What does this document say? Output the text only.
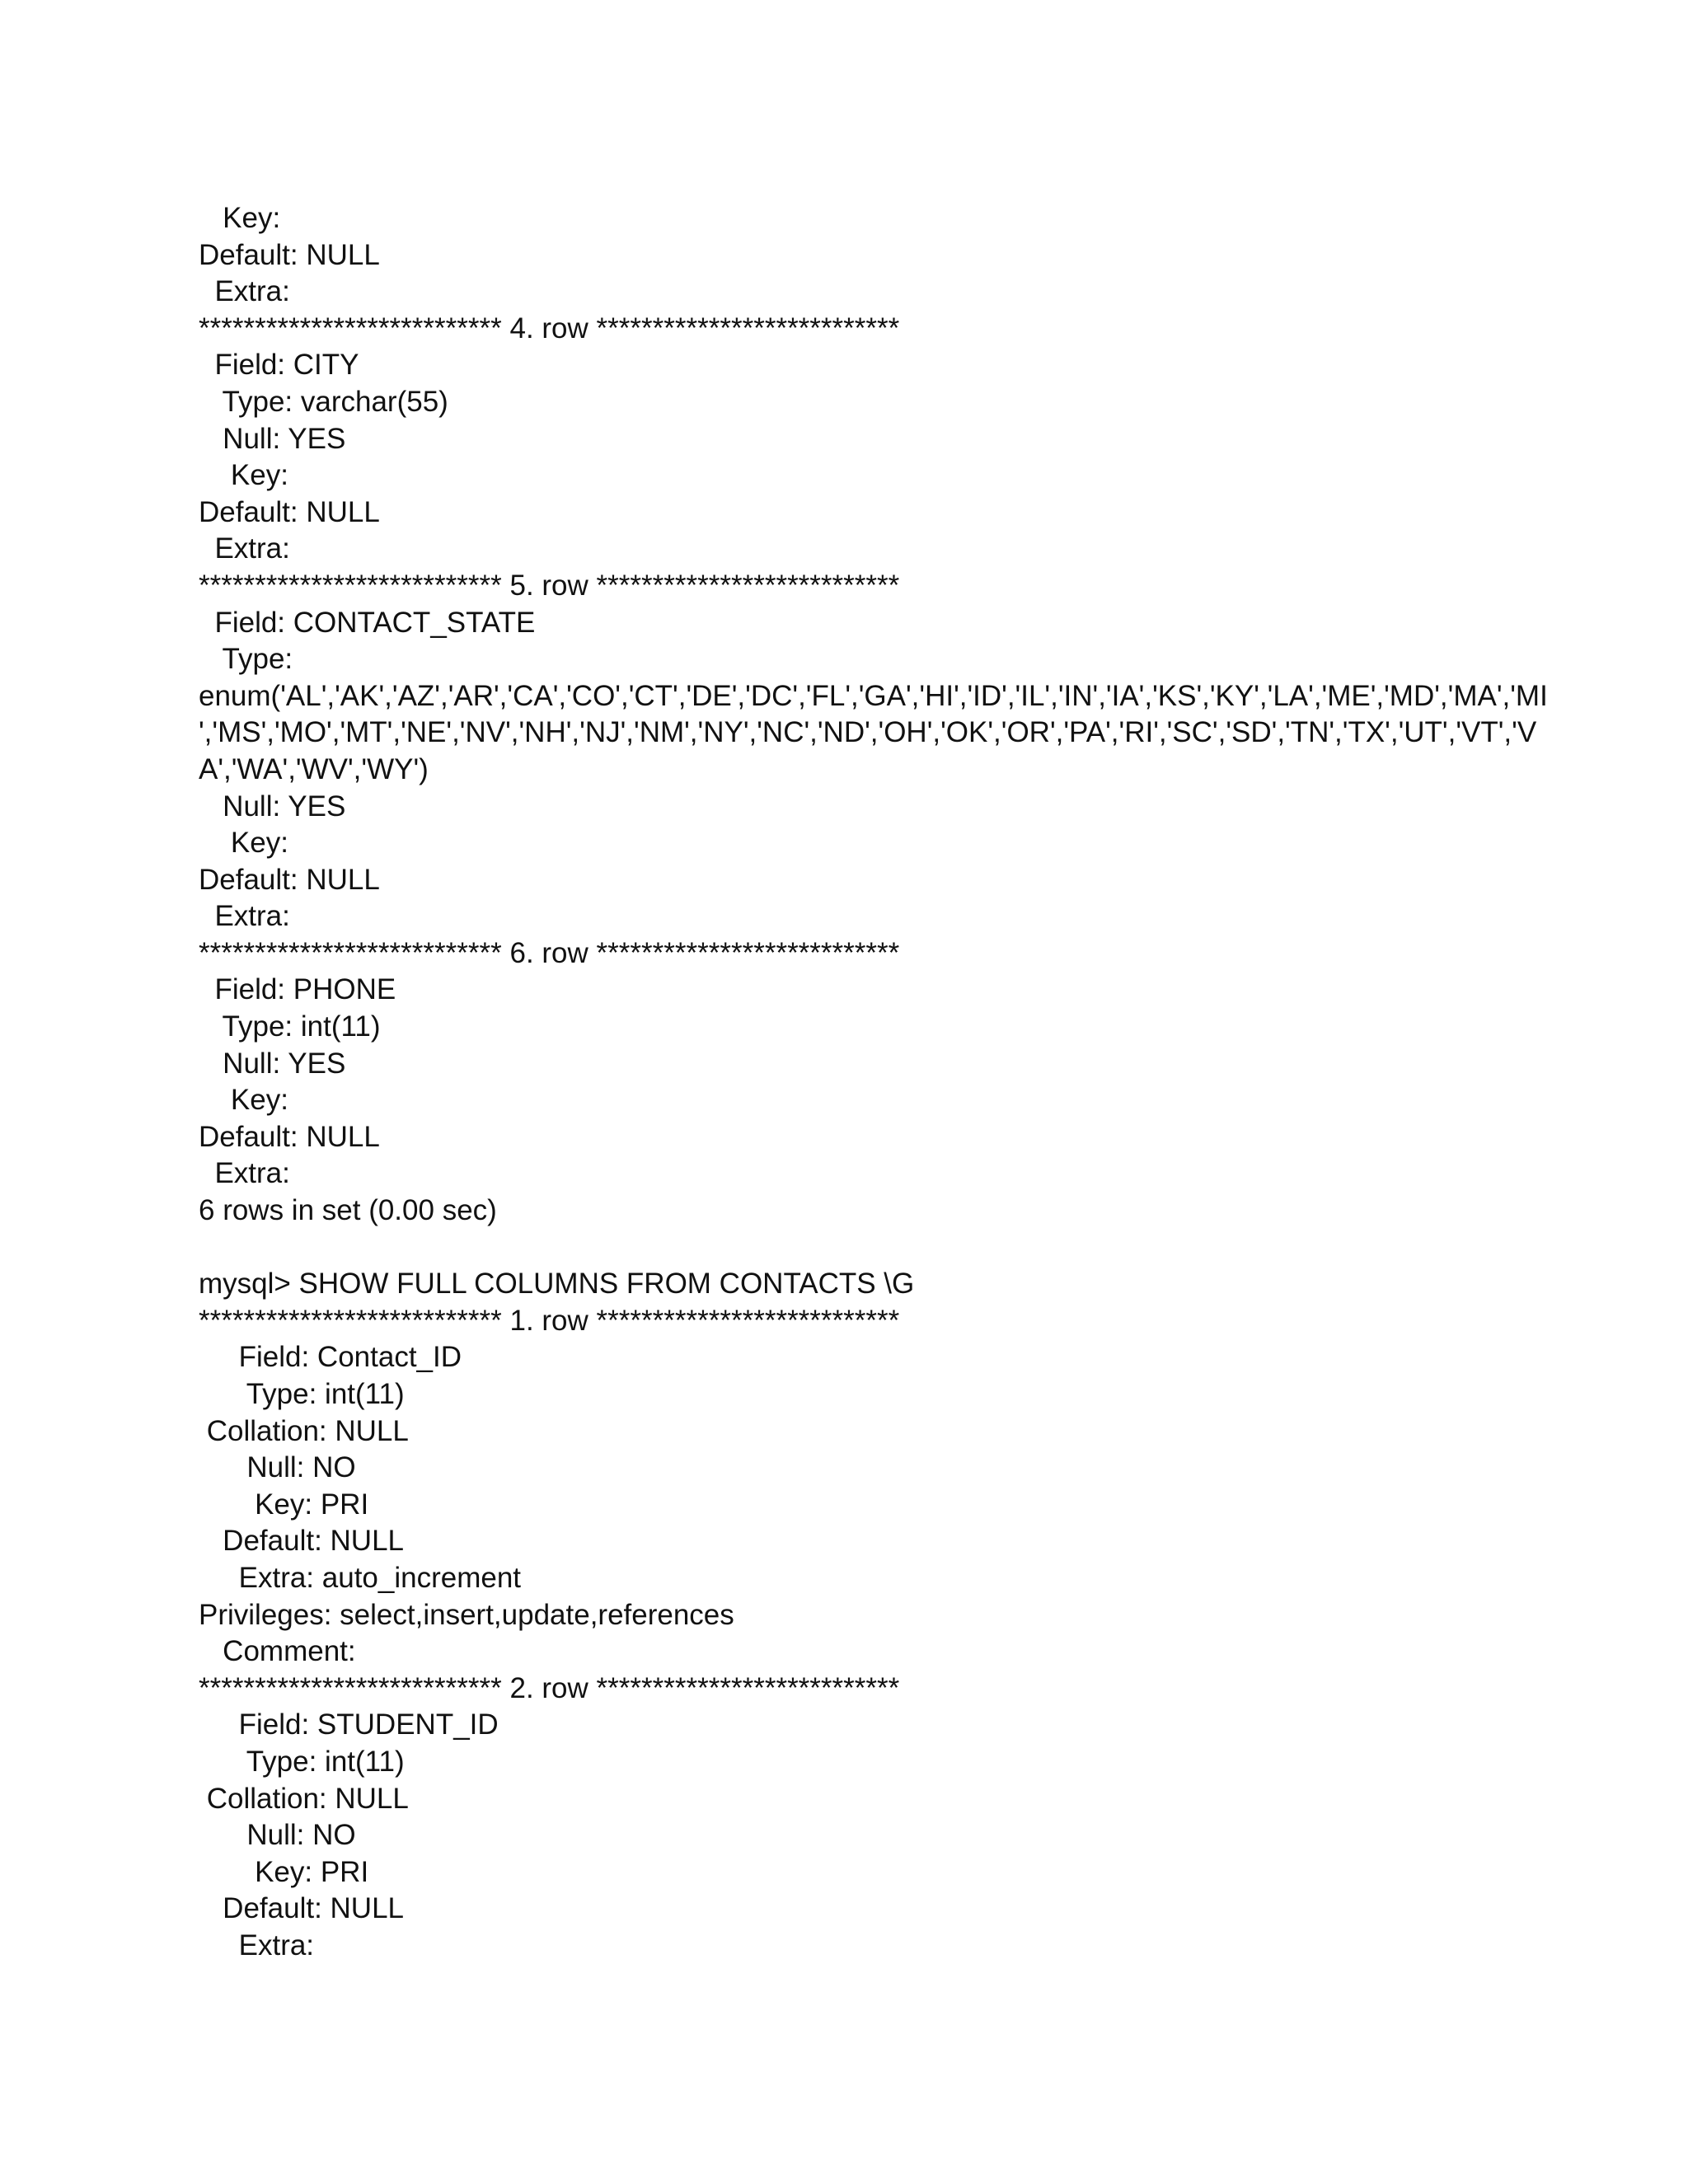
Key:
Default: NULL
Extra:
*************************** 4. row ***************************
Field: CITY
Type: varchar(55)
Null: YES
Key:
Default: NULL
Extra:
*************************** 5. row ***************************
Field: CONTACT_STATE
Type:
enum('AL','AK','AZ','AR','CA','CO','CT','DE','DC','FL','GA','HI','ID','IL','IN','IA','KS','KY','LA','ME','MD','MA','MI
','MS','MO','MT','NE','NV','NH','NJ','NM','NY','NC','ND','OH','OK','OR','PA','RI','SC','SD','TN','TX','UT','VT','V
A','WA','WV','WY')
Null: YES
Key:
Default: NULL
Extra:
*************************** 6. row ***************************
Field: PHONE
Type: int(11)
Null: YES
Key:
Default: NULL
Extra:
6 rows in set (0.00 sec)
mysql> SHOW FULL COLUMNS FROM CONTACTS \G
*************************** 1. row ***************************
Field: Contact_ID
Type: int(11)
Collation: NULL
Null: NO
Key: PRI
Default: NULL
Extra: auto_increment
Privileges: select,insert,update,references
Comment:
*************************** 2. row ***************************
Field: STUDENT_ID
Type: int(11)
Collation: NULL
Null: NO
Key: PRI
Default: NULL
Extra:
